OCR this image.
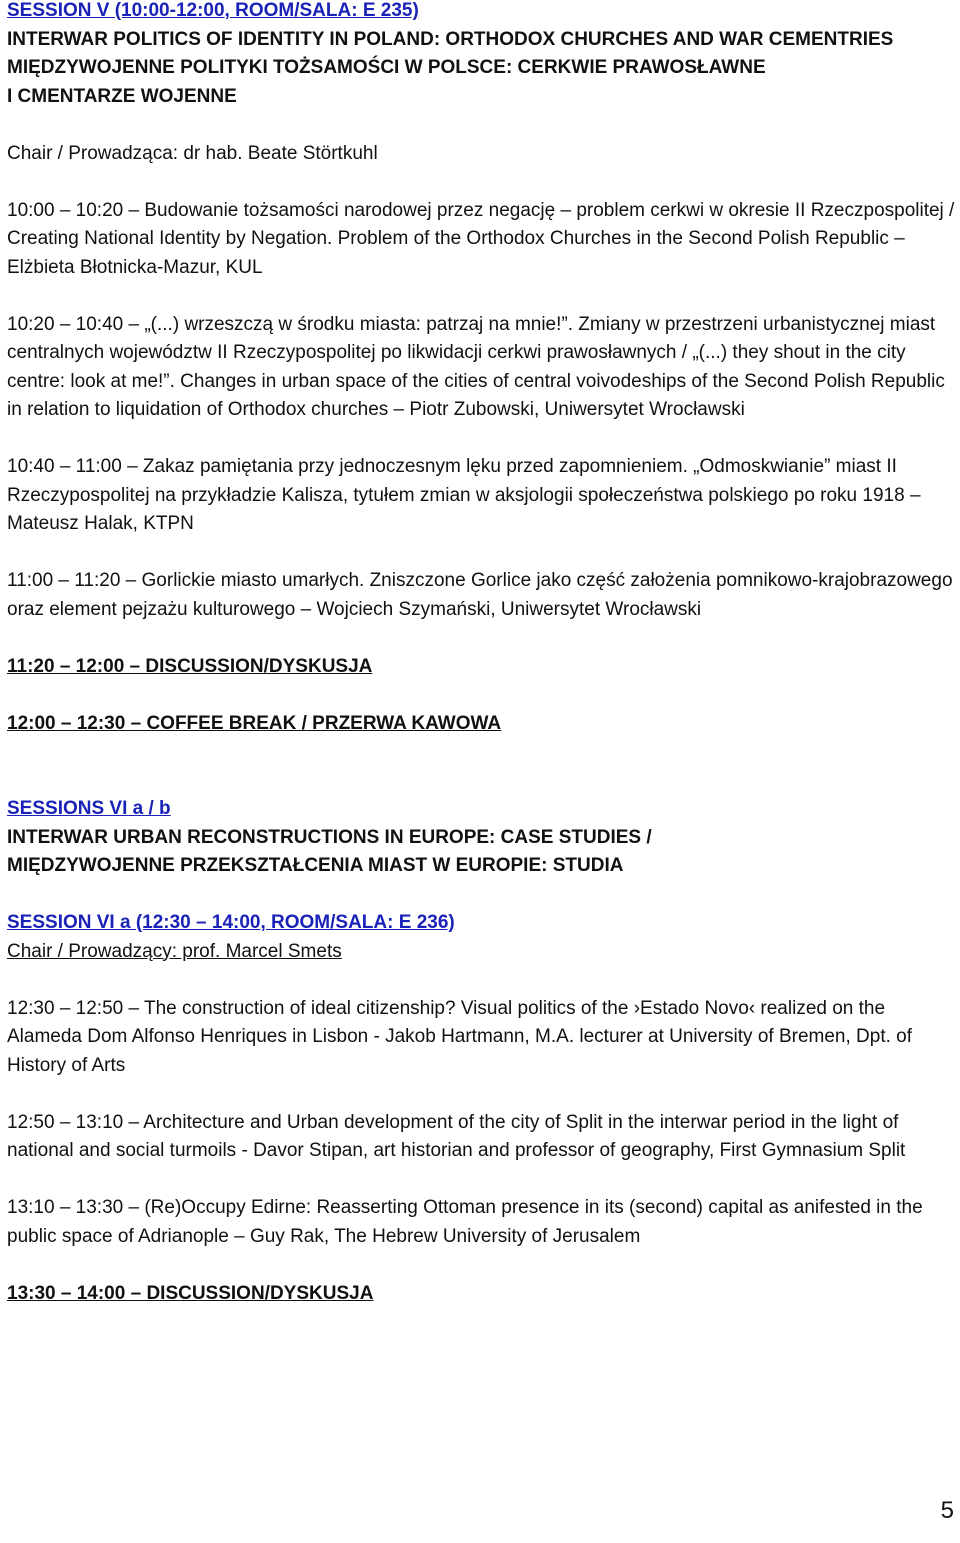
SESSION V (10:00-12:00, ROOM/SALA: E 235)

INTERWAR POLITICS OF IDENTITY IN POLAND: ORTHODOX CHURCHES AND WAR CEMENTRIES

MIĘDZYWOJENNE POLITYKI TOŻSAMOŚCI W POLSCE: CERKWIE PRAWOSŁAWNE

I CMENTARZE WOJENNE

Chair / Prowadząca: dr hab. Beate Störtkuhl

10:00 – 10:20 – Budowanie tożsamości narodowej przez negację – problem cerkwi w okresie II Rzeczpospolitej / Creating National Identity by Negation. Problem of the Orthodox Churches in the Second Polish Republic – Elżbieta Błotnicka-Mazur, KUL

10:20 – 10:40 – „(...) wrzeszczą w środku miasta: patrzaj na mnie!”. Zmiany w przestrzeni urbanistycznej miast centralnych województw II Rzeczypospolitej po likwidacji cerkwi prawosławnych / „(...) they shout in the city centre: look at me!”. Changes in urban space of the cities of central voivodeships of the Second Polish Republic in relation to liquidation of Orthodox churches – Piotr Zubowski, Uniwersytet Wrocławski

10:40 – 11:00 – Zakaz pamiętania przy jednoczesnym lęku przed zapomnieniem. „Odmoskwianie” miast II Rzeczypospolitej na przykładzie Kalisza, tytułem zmian w aksjologii społeczeństwa polskiego po roku 1918 – Mateusz Halak, KTPN

11:00 – 11:20 – Gorlickie miasto umarłych. Zniszczone Gorlice jako część założenia pomnikowo-krajobrazowego oraz element pejzażu kulturowego – Wojciech Szymański, Uniwersytet Wrocławski

11:20 – 12:00 – DISCUSSION/DYSKUSJA

12:00 – 12:30 – COFFEE BREAK / PRZERWA KAWOWA

SESSIONS VI a / b

INTERWAR URBAN RECONSTRUCTIONS IN EUROPE: CASE STUDIES /

MIĘDZYWOJENNE PRZEKSZTAŁCENIA MIAST W EUROPIE: STUDIA

SESSION VI a (12:30 – 14:00, ROOM/SALA: E 236)

Chair / Prowadzący: prof. Marcel Smets

12:30 – 12:50 – The construction of ideal citizenship? Visual politics of the ›Estado Novo‹ realized on the Alameda Dom Alfonso Henriques in Lisbon - Jakob Hartmann, M.A. lecturer at University of Bremen, Dpt. of History of Arts

12:50 – 13:10 – Architecture and Urban development of the city of Split in the interwar period in the light of national and social turmoils - Davor Stipan, art historian and professor of geography, First Gymnasium Split

13:10 – 13:30 – (Re)Occupy Edirne: Reasserting Ottoman presence in its (second) capital as anifested in the public space of Adrianople – Guy Rak, The Hebrew University of Jerusalem

13:30 – 14:00 – DISCUSSION/DYSKUSJA

5
